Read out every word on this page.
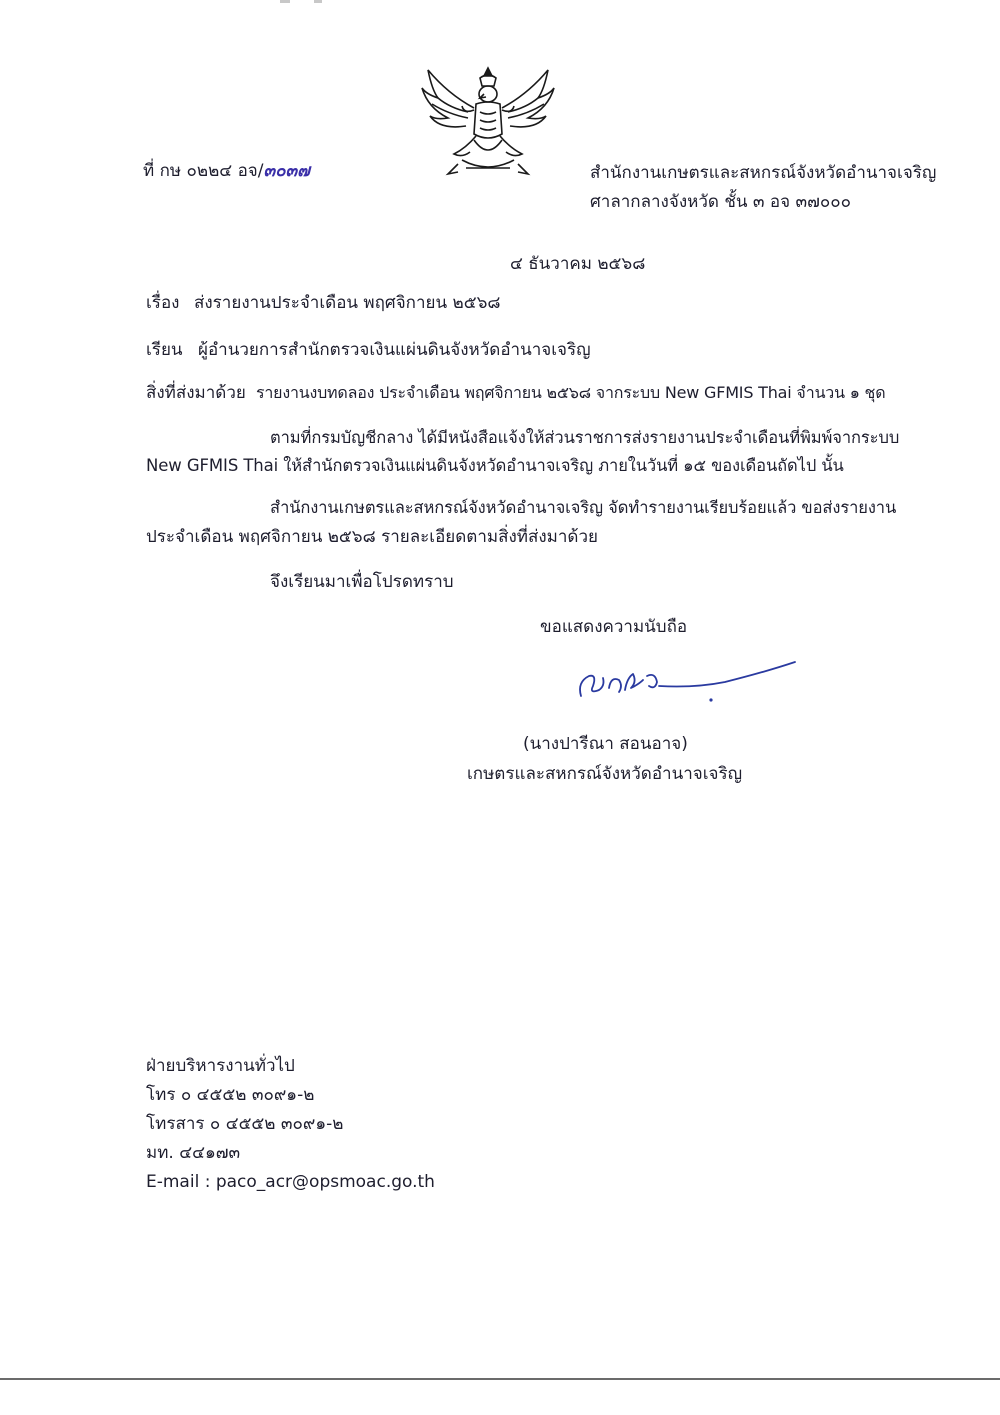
ที่ กษ ๐๒๒๔ อจ/๓๐๓๗	สำนักงานเกษตรและสหกรณ์จังหวัดอำนาจเจริญ
ศาลากลางจังหวัด ชั้น ๓ อจ ๓๗๐๐๐
๔ ธันวาคม ๒๕๖๘
เรื่อง ส่งรายงานประจำเดือน พฤศจิกายน ๒๕๖๘
เรียน ผู้อำนวยการสำนักตรวจเงินแผ่นดินจังหวัดอำนาจเจริญ
สิ่งที่ส่งมาด้วย รายงานงบทดลอง ประจำเดือน พฤศจิกายน ๒๕๖๘ จากระบบ New GFMIS Thai จำนวน ๑ ชุด
ตามที่กรมบัญชีกลาง ได้มีหนังสือแจ้งให้ส่วนราชการส่งรายงานประจำเดือนที่พิมพ์จากระบบ
New GFMIS Thai ให้สำนักตรวจเงินแผ่นดินจังหวัดอำนาจเจริญ ภายในวันที่ ๑๕ ของเดือนถัดไป นั้น
สำนักงานเกษตรและสหกรณ์จังหวัดอำนาจเจริญ จัดทำรายงานเรียบร้อยแล้ว ขอส่งรายงาน
ประจำเดือน พฤศจิกายน ๒๕๖๘ รายละเอียดตามสิ่งที่ส่งมาด้วย
จึงเรียนมาเพื่อโปรดทราบ
ขอแสดงความนับถือ
(นางปารีณา สอนอาจ)
เกษตรและสหกรณ์จังหวัดอำนาจเจริญ
ฝ่ายบริหารงานทั่วไป
โทร ๐ ๔๕๕๒ ๓๐๙๑-๒
โทรสาร ๐ ๔๕๕๒ ๓๐๙๑-๒
มท. ๔๔๑๗๓
E-mail : paco_acr@opsmoac.go.th
